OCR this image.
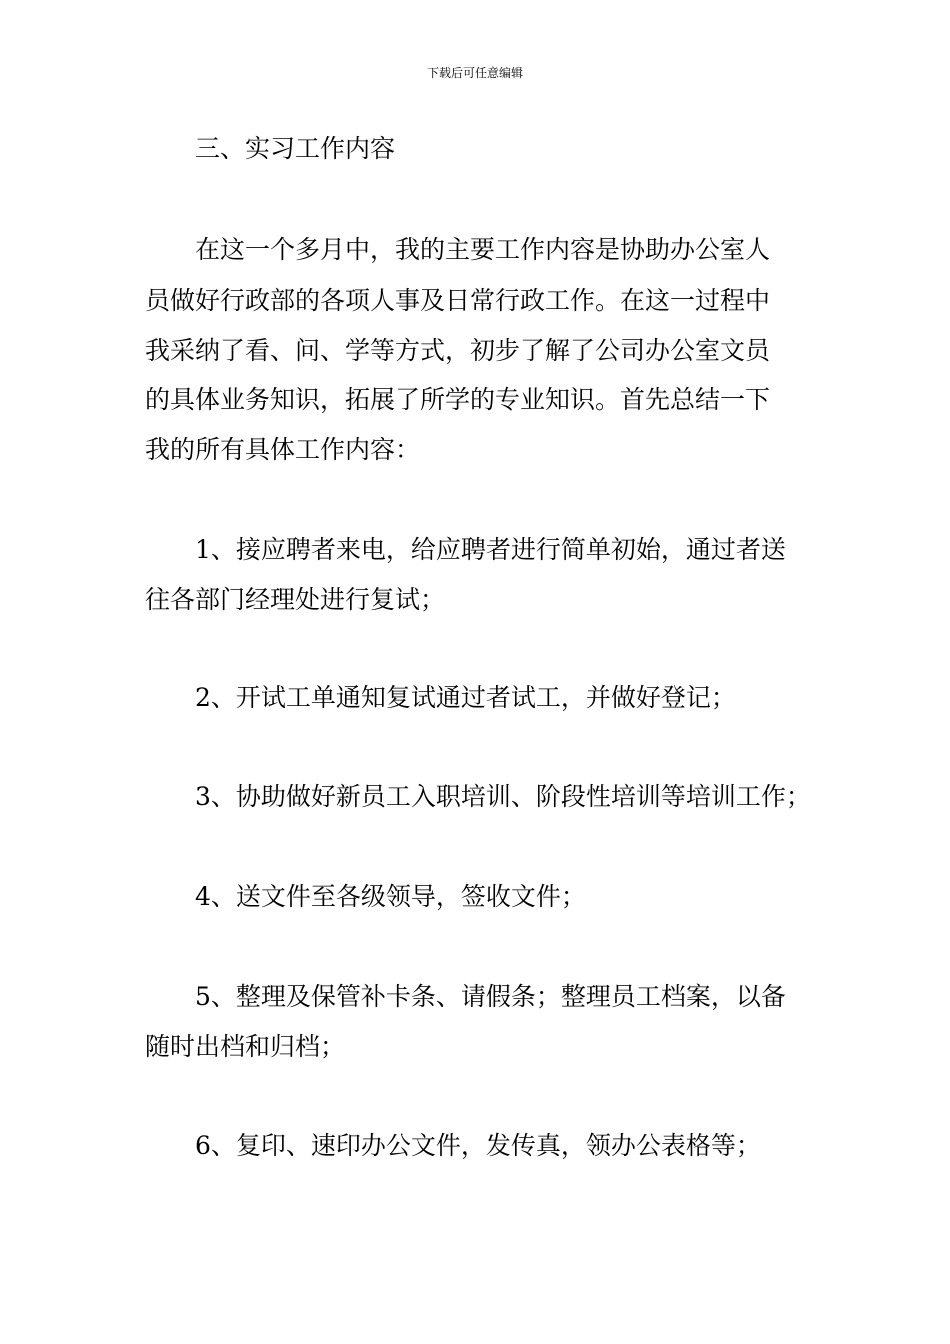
下载后可任意编辑
三、实习工作内容
在这一个多月中，我的主要工作内容是协助办公室人
员做好行政部的各项人事及日常行政工作。在这一过程中
我采纳了看、问、学等方式，初步了解了公司办公室文员
的具体业务知识，拓展了所学的专业知识。首先总结一下
我的所有具体工作内容：
1、接应聘者来电，给应聘者进行简单初始，通过者送
往各部门经理处进行复试；
2、开试工单通知复试通过者试工，并做好登记；
3、协助做好新员工入职培训、阶段性培训等培训工作；
4、送文件至各级领导，签收文件；
5、整理及保管补卡条、请假条；整理员工档案，以备
随时出档和归档；
6、复印、速印办公文件，发传真，领办公表格等；
